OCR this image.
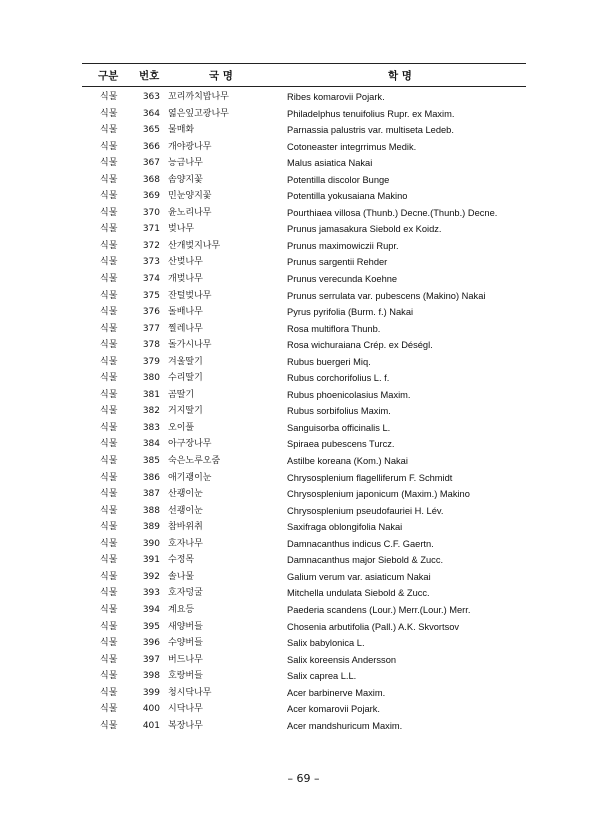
구분 번호	국 명	학 명
식물	363 꼬리까치밥나무	Ribes komarovii Pojark.
식물	364 엷은잎고광나무	Philadelphus tenuifolius Rupr. ex Maxim.
식물	365 물매화	Parnassia palustris var. multiseta Ledeb.
식물	366 개야광나무	Cotoneaster integrrimus Medik.
식물	367 능금나무	Malus asiatica Nakai
식물	368 솜양지꽃	Potentilla discolor Bunge
식물	369 민눈양지꽃	Potentilla yokusaiana Makino
식물	370 윤노리나무	Pourthiaea villosa (Thunb.) Decne.(Thunb.) Decne.
식물	371 벚나무	Prunus jamasakura Siebold ex Koidz.
식물	372 산개벚지나무	Prunus maximowiczii Rupr.
식물	373 산벚나무	Prunus sargentii Rehder
식물	374 개벚나무	Prunus verecunda Koehne
식물	375 잔털벚나무	Prunus serrulata var. pubescens (Makino) Nakai
식물	376 돌배나무	Pyrus pyrifolia (Burm. f.) Nakai
식물	377 찔레나무	Rosa multiflora Thunb.
식물	378 돌가시나무	Rosa wichuraiana Crép. ex Déségl.
식물	379 겨울딸기	Rubus buergeri Miq.
식물	380 수리딸기	Rubus corchorifolius L. f.
식물	381 곰딸기	Rubus phoenicolasius Maxim.
식물	382 거지딸기	Rubus sorbifolius Maxim.
식물	383 오이풀	Sanguisorba officinalis L.
식물	384 아구장나무	Spiraea pubescens Turcz.
식물	385 숙은노루오줌	Astilbe koreana (Kom.) Nakai
식물	386 애기괭이눈	Chrysosplenium flagelliferum F. Schmidt
식물	387 산괭이눈	Chrysosplenium japonicum (Maxim.) Makino
식물	388 선괭이눈	Chrysosplenium pseudofauriei H. Lév.
식물	389 참바위취	Saxifraga oblongifolia Nakai
식물	390 호자나무	Damnacanthus indicus C.F. Gaertn.
식물	391 수정목	Damnacanthus major Siebold & Zucc.
식물	392 솔나물	Galium verum var. asiaticum Nakai
식물	393 호자덩굴	Mitchella undulata Siebold & Zucc.
식물	394 계요등	Paederia scandens (Lour.) Merr.(Lour.) Merr.
식물	395 새양버들	Chosenia arbutifolia (Pall.) A.K. Skvortsov
식물	396 수양버들	Salix babylonica L.
식물	397 버드나무	Salix koreensis Andersson
식물	398 호랑버들	Salix caprea L.L.
식물	399 청시닥나무	Acer barbinerve Maxim.
식물	400 시닥나무	Acer komarovii Pojark.
식물	401 복장나무	Acer mandshuricum Maxim.
– 69 –
